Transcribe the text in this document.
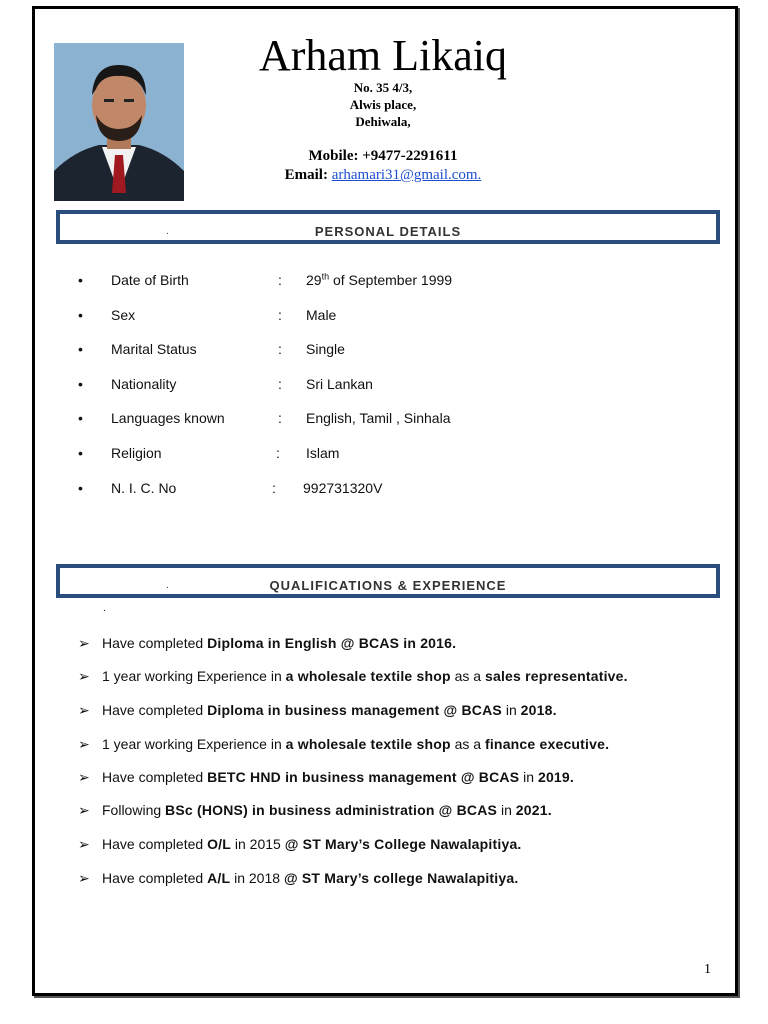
Arham Likaiq
No. 35 4/3,
Alwis place,
Dehiwala,
Mobile: +9477-2291611
Email: arhamari31@gmail.com.
.	PERSONAL DETAILS
• Date of Birth	: 29th of September 1999
• Sex	: Male
• Marital Status	: Single
• Nationality	: Sri Lankan
• Languages known	: English, Tamil , Sinhala
• Religion	: Islam
• N. I. C. No	: 992731320V
.	QUALIFICATIONS & EXPERIENCE
.
➢ Have completed Diploma in English @ BCAS in 2016.
➢ 1 year working Experience in a wholesale textile shop as a sales representative.
➢ Have completed Diploma in business management @ BCAS in 2018.
➢ 1 year working Experience in a wholesale textile shop as a finance executive.
➢ Have completed BETC HND in business management @ BCAS in 2019.
➢ Following BSc (HONS) in business administration @ BCAS in 2021.
➢ Have completed O/L in 2015 @ ST Mary’s College Nawalapitiya.
➢ Have completed A/L in 2018 @ ST Mary’s college Nawalapitiya.
1
